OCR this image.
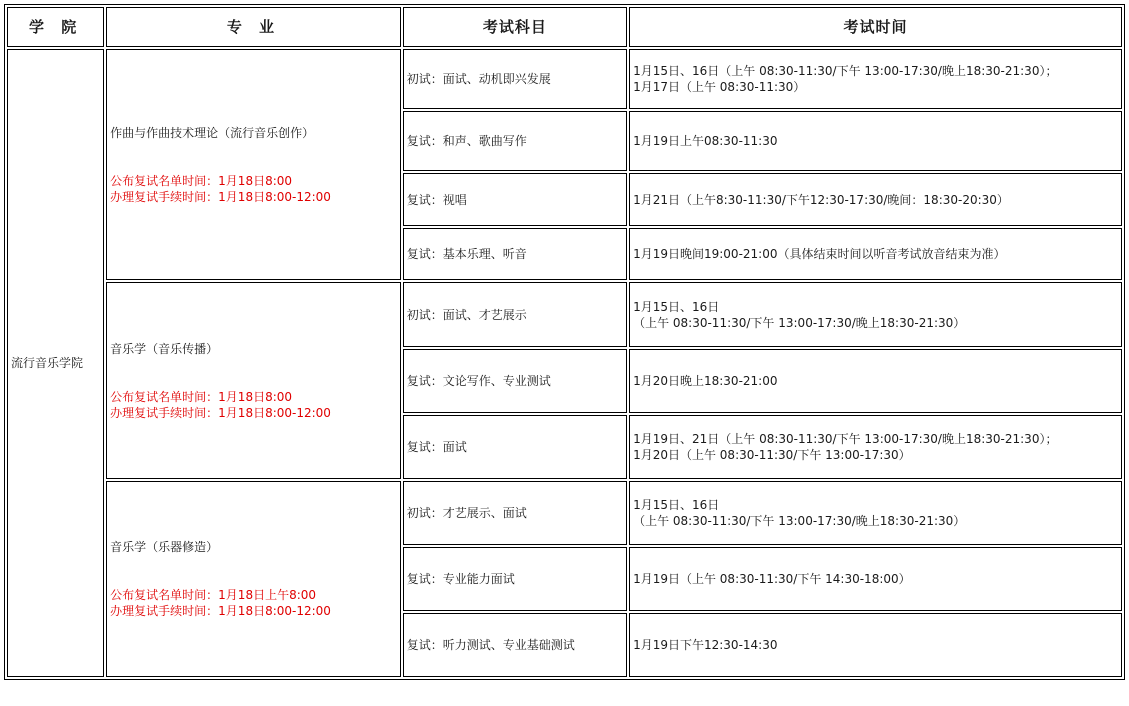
学 院	专 业	考试科目	考试时间
流行音乐学院	作曲与作曲技术理论（流行音乐创作）
公布复试名单时间：1月18日8:00
办理复试手续时间：1月18日8:00-12:00	初试：面试、动机即兴发展	1月15日、16日（上午 08:30-11:30/下午 13:00-17:30/晚上18:30-21:30）；
1月17日（上午 08:30-11:30）

		复试：和声、歌曲写作	1月19日上午08:30-11:30

		复试：视唱	1月21日（上午8:30-11:30/下午12:30-17:30/晚间：18:30-20:30）

		复试：基本乐理、听音	1月19日晚间19:00-21:00（具体结束时间以听音考试放音结束为准）

	音乐学（音乐传播）
公布复试名单时间：1月18日8:00
办理复试手续时间：1月18日8:00-12:00	初试：面试、才艺展示	1月15日、16日
（上午 08:30-11:30/下午 13:00-17:30/晚上18:30-21:30）

		复试：文论写作、专业测试	1月20日晚上18:30-21:00

		复试：面试	1月19日、21日（上午 08:30-11:30/下午 13:00-17:30/晚上18:30-21:30）；
1月20日（上午 08:30-11:30/下午 13:00-17:30）

	音乐学（乐器修造）
公布复试名单时间：1月18日上午8:00
办理复试手续时间：1月18日8:00-12:00	初试：才艺展示、面试	1月15日、16日
（上午 08:30-11:30/下午 13:00-17:30/晚上18:30-21:30）

		复试：专业能力面试	1月19日（上午 08:30-11:30/下午 14:30-18:00）

		复试：听力测试、专业基础测试	1月19日下午12:30-14:30
